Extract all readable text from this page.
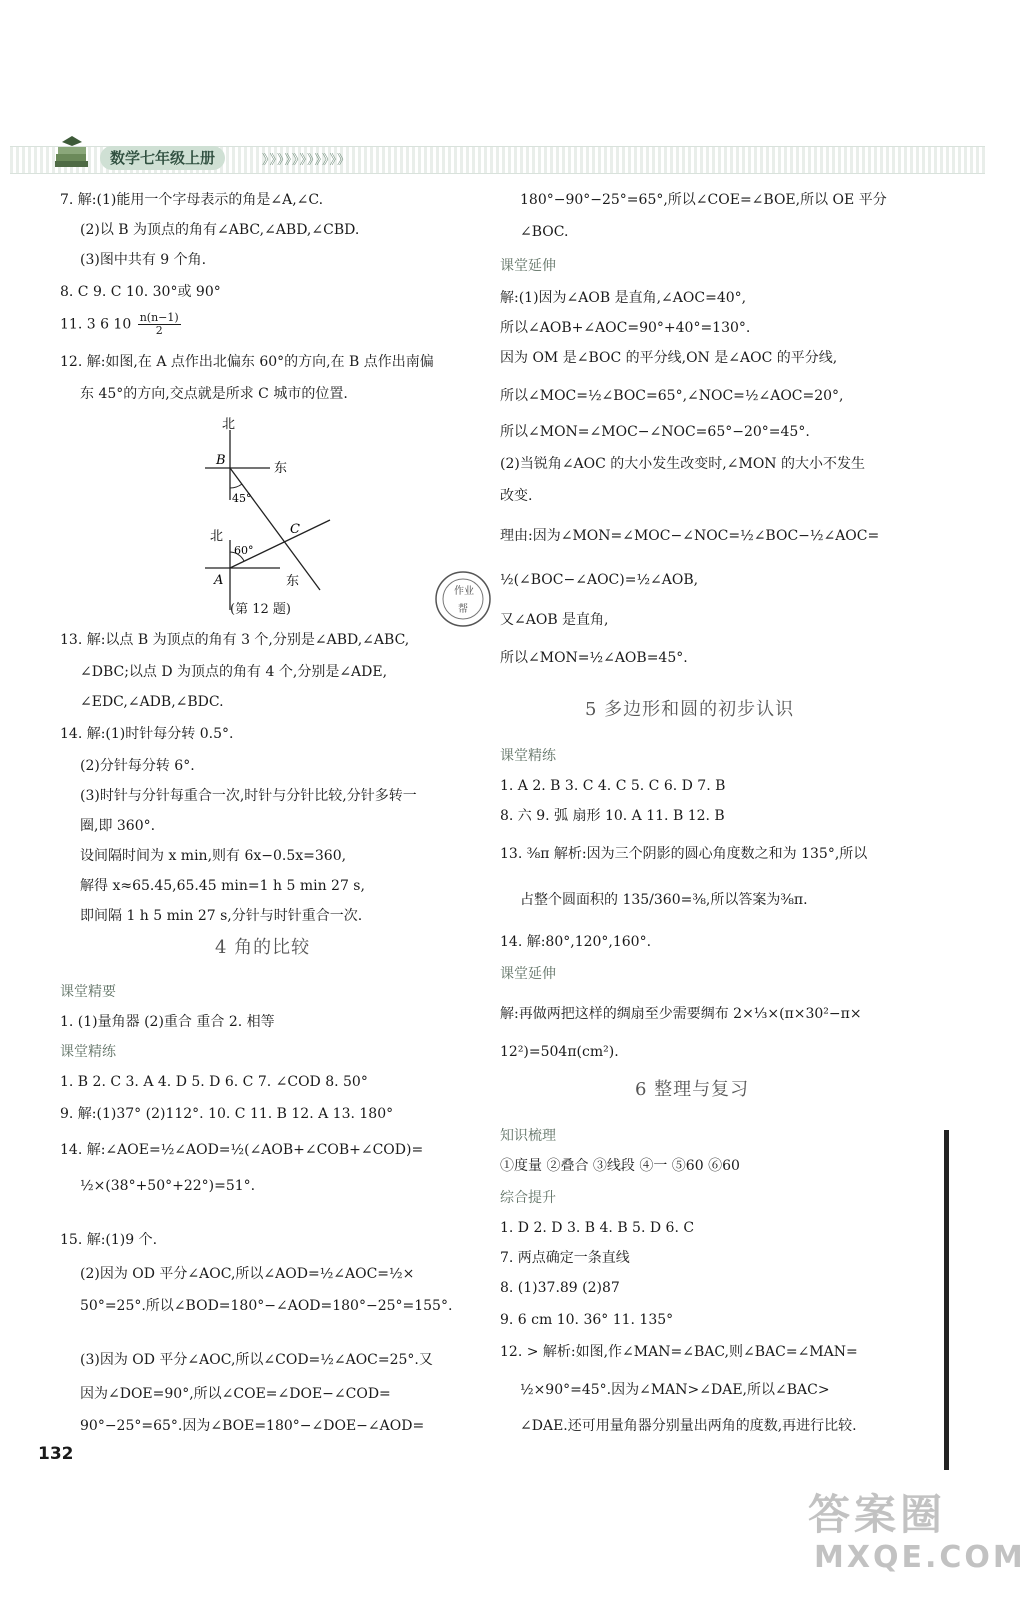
数学七年级上册	》》》》》》》》》》》
7. 解:(1)能用一个字母表示的角是∠A,∠C.
(2)以 B 为顶点的角有∠ABC,∠ABD,∠CBD.
(3)图中共有 9 个角.
8. C 9. C 10. 30°或 90°
11. 3 6 $10 \frac{n(n-1)}{2}$
12. 解:如图,在 A 点作出北偏东 60°的方向,在 B 点作出南偏
东 45°的方向,交点就是所求 C 城市的位置.
北
东
B
45°
北	C
60°
A	东
(第 12 题)
13. 解:以点 B 为顶点的角有 3 个,分别是∠ABD,∠ABC,
∠DBC;以点 D 为顶点的角有 4 个,分别是∠ADE,
∠EDC,∠ADB,∠BDC.
14. 解:(1)时针每分转 0.5°.
(2)分针每分转 6°.
(3)时针与分针每重合一次,时针与分针比较,分针多转一
圈,即 360°.
设间隔时间为 x min,则有 6x−0.5x=360,
解得 x≈65.45,65.45 min=1 h 5 min 27 s,
即间隔 1 h 5 min 27 s,分针与时针重合一次.
4 角的比较
课堂精要
1. (1)量角器 (2)重合 重合 2. 相等
课堂精练
1. B 2. C 3. A 4. D 5. D 6. C 7. ∠COD 8. 50°
9. 解:(1)37° (2)112°. 10. C 11. B 12. A 13. 180°
14. 解:∠AOE=½∠AOD=½(∠AOB+∠COB+∠COD)=
½×(38°+50°+22°)=51°.
15. 解:(1)9 个.
(2)因为 OD 平分∠AOC,所以∠AOD=½∠AOC=½×
50°=25°.所以∠BOD=180°−∠AOD=180°−25°=155°.
(3)因为 OD 平分∠AOC,所以∠COD=½∠AOC=25°.又
因为∠DOE=90°,所以∠COE=∠DOE−∠COD=
90°−25°=65°.因为∠BOE=180°−∠DOE−∠AOD=
180°−90°−25°=65°,所以∠COE=∠BOE,所以 OE 平分
∠BOC.
课堂延伸
解:(1)因为∠AOB 是直角,∠AOC=40°,
所以∠AOB+∠AOC=90°+40°=130°.
因为 OM 是∠BOC 的平分线,ON 是∠AOC 的平分线,
所以∠MOC=½∠BOC=65°,∠NOC=½∠AOC=20°,
所以∠MON=∠MOC−∠NOC=65°−20°=45°.
(2)当锐角∠AOC 的大小发生改变时,∠MON 的大小不发生
改变.
理由:因为∠MON=∠MOC−∠NOC=½∠BOC−½∠AOC=
½(∠BOC−∠AOC)=½∠AOB,
又∠AOB 是直角,
所以∠MON=½∠AOB=45°.
5 多边形和圆的初步认识
课堂精练
1. A 2. B 3. C 4. C 5. C 6. D 7. B
8. 六 9. 弧 扇形 10. A 11. B 12. B
13. ⅜π 解析:因为三个阴影的圆心角度数之和为 135°,所以
占整个圆面积的 135/360=⅜,所以答案为⅜π.
14. 解:80°,120°,160°.
课堂延伸
解:再做两把这样的绸扇至少需要绸布 2×⅓×(π×30²−π×
12²)=504π(cm²).
6 整理与复习
知识梳理
①度量 ②叠合 ③线段 ④一 ⑤60 ⑥60
综合提升
1. D 2. D 3. B 4. B 5. D 6. C
7. 两点确定一条直线
8. (1)37.89 (2)87
9. 6 cm 10. 36° 11. 135°
12. > 解析:如图,作∠MAN=∠BAC,则∠BAC=∠MAN=
½×90°=45°.因为∠MAN>∠DAE,所以∠BAC>
∠DAE.还可用量角器分别量出两角的度数,再进行比较.
作业
帮
132
答案圈
MXQE.COM
